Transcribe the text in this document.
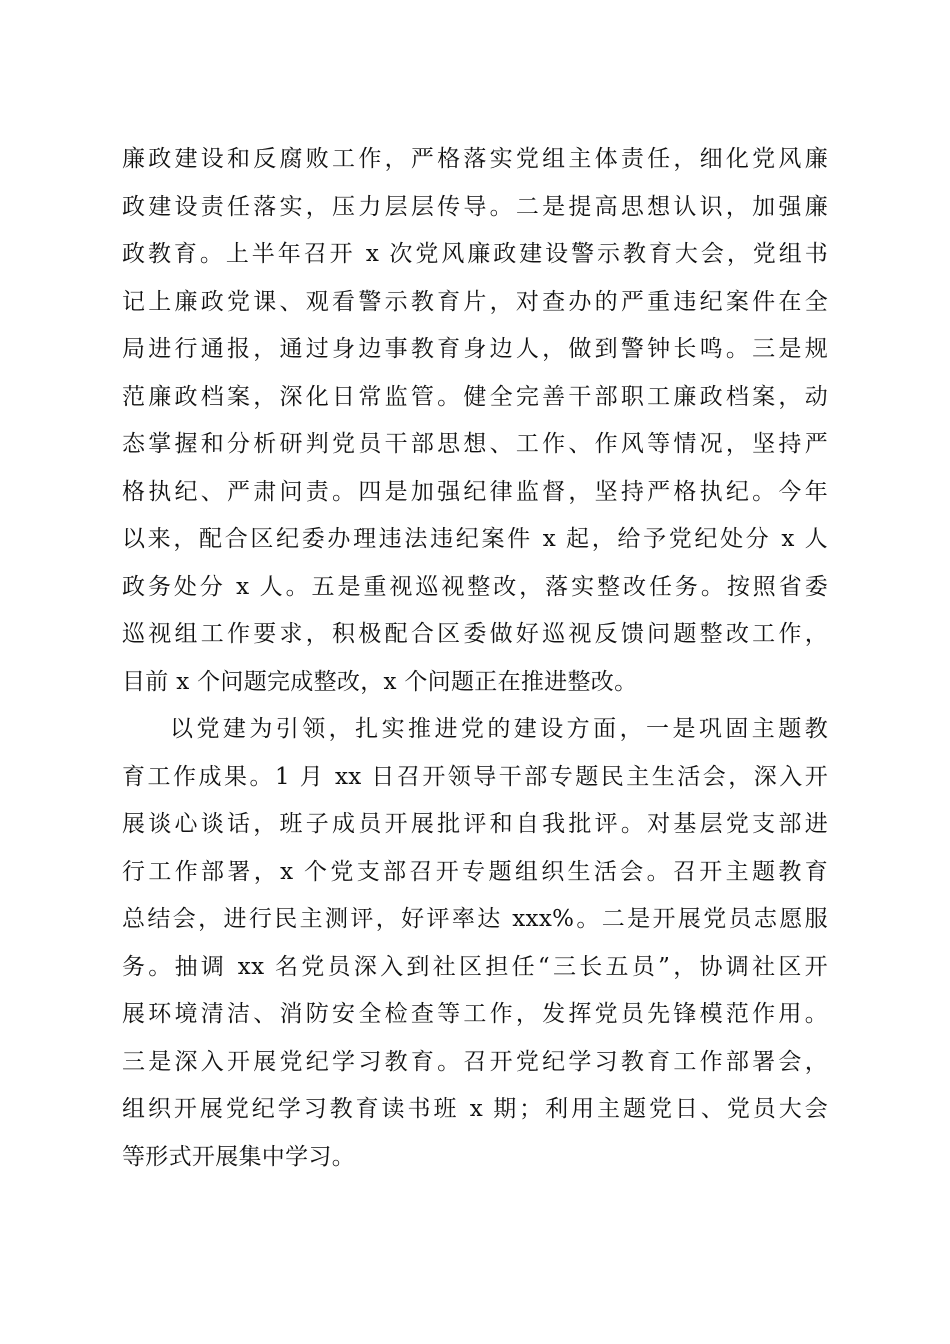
廉政建设和反腐败工作，严格落实党组主体责任，细化党风廉
政建设责任落实，压力层层传导。二是提高思想认识，加强廉
政教育。上半年召开 x 次党风廉政建设警示教育大会，党组书
记上廉政党课、观看警示教育片，对查办的严重违纪案件在全
局进行通报，通过身边事教育身边人，做到警钟长鸣。三是规
范廉政档案，深化日常监管。健全完善干部职工廉政档案，动
态掌握和分析研判党员干部思想、工作、作风等情况，坚持严
格执纪、严肃问责。四是加强纪律监督，坚持严格执纪。今年
以来，配合区纪委办理违法违纪案件 x 起，给予党纪处分 x 人
政务处分 x 人。五是重视巡视整改，落实整改任务。按照省委
巡视组工作要求，积极配合区委做好巡视反馈问题整改工作，
目前 x 个问题完成整改，x 个问题正在推进整改。
以党建为引领，扎实推进党的建设方面，一是巩固主题教
育工作成果。1 月 xx 日召开领导干部专题民主生活会，深入开
展谈心谈话，班子成员开展批评和自我批评。对基层党支部进
行工作部署，x 个党支部召开专题组织生活会。召开主题教育
总结会，进行民主测评，好评率达 xxx%。二是开展党员志愿服
务。抽调 xx 名党员深入到社区担任“三长五员”，协调社区开
展环境清洁、消防安全检查等工作，发挥党员先锋模范作用。
三是深入开展党纪学习教育。召开党纪学习教育工作部署会，
组织开展党纪学习教育读书班 x 期；利用主题党日、党员大会
等形式开展集中学习。
